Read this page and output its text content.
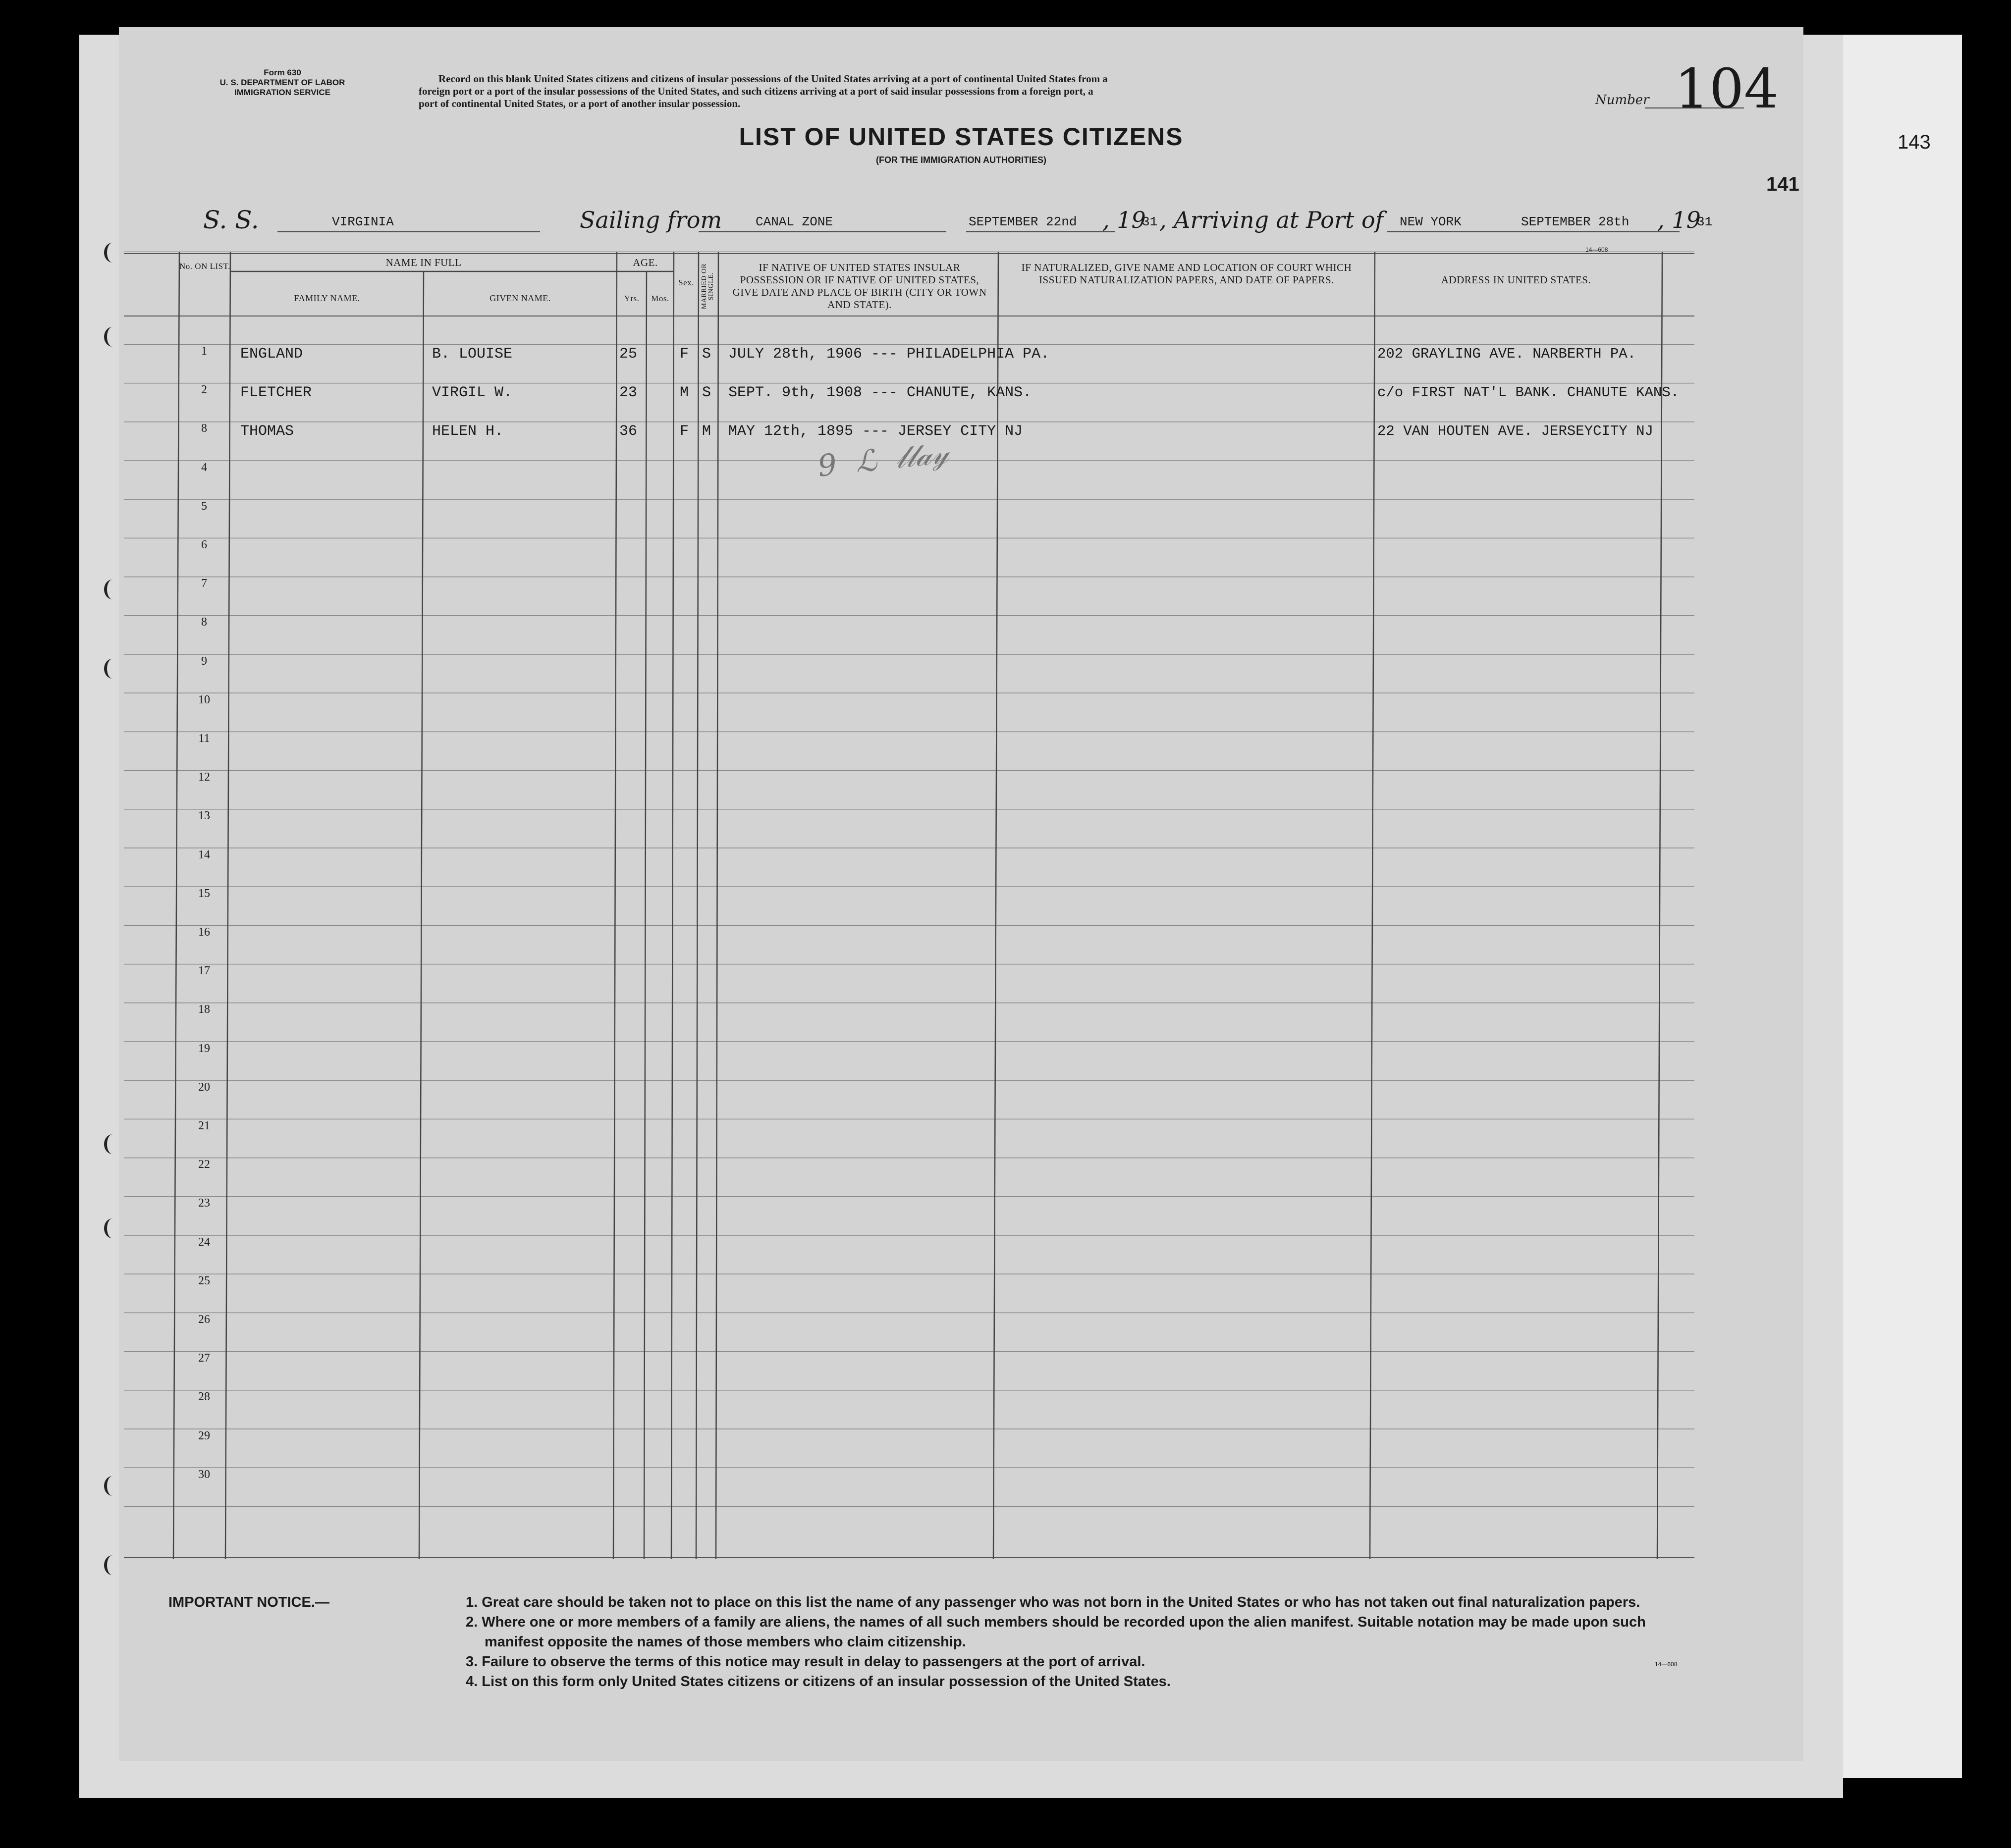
143
Form 630
U. S. DEPARTMENT OF LABOR
IMMIGRATION SERVICE
Record on this blank United States citizens and citizens of insular possessions of the United States arriving at a port of continental United States from a
foreign port or a port of the insular possessions of the United States, and such citizens arriving at a port of said insular possessions from a foreign port, a
port of continental United States, or a port of another insular possession.	Number 104
141
LIST OF UNITED STATES CITIZENS
(FOR THE IMMIGRATION AUTHORITIES)
S. S.	VIRGINIA	Sailing from	CANAL ZONE	SEPTEMBER 22nd , 19
31 , Arriving at Port of NEW YORK	SEPTEMBER 28th , 19
31
14—608
No. ON LIST.	NAME IN FULL
FAMILY NAME.	GIVEN NAME.
AGE.
Yrs.	Mos.
Sex. MARRIED OR SINGLE.
IF NATIVE OF UNITED STATES INSULAR POSSESSION OR IF NATIVE OF UNITED STATES, GIVE DATE AND PLACE OF BIRTH (CITY OR TOWN AND STATE).
IF NATURALIZED, GIVE NAME AND LOCATION OF COURT WHICH ISSUED NATURALIZATION PAPERS, AND DATE OF PAPERS.	ADDRESS IN UNITED STATES.
1	ENGLAND	B. LOUISE	25	F S JULY 28th, 1906 --- PHILADELPHIA PA.	202 GRAYLING AVE. NARBERTH PA.
2	FLETCHER	VIRGIL W.	23	M S SEPT. 9th, 1908 --- CHANUTE, KANS.	c/o FIRST NAT'L BANK. CHANUTE KANS.
8	THOMAS	HELEN H.	36	F M MAY 12th, 1895 --- JERSEY CITY NJ	22 VAN HOUTEN AVE. JERSEYCITY NJ
4
5
6
7
8
9
10
11
12
13
14
15
16
17
18
19
20
21
22
23
24
25
26
27
28
29
30
9  ℒ  𝓁𝓁𝒶𝓎
IMPORTANT NOTICE.—	1. Great care should be taken not to place on this list the name of any passenger who was not born in the United States or who has not taken out final naturalization papers.
2. Where one or more members of a family are aliens, the names of all such members should be recorded upon the alien manifest. Suitable notation may be made upon such
manifest opposite the names of those members who claim citizenship.
3. Failure to observe the terms of this notice may result in delay to passengers at the port of arrival.
4. List on this form only United States citizens or citizens of an insular possession of the United States.
14—608
